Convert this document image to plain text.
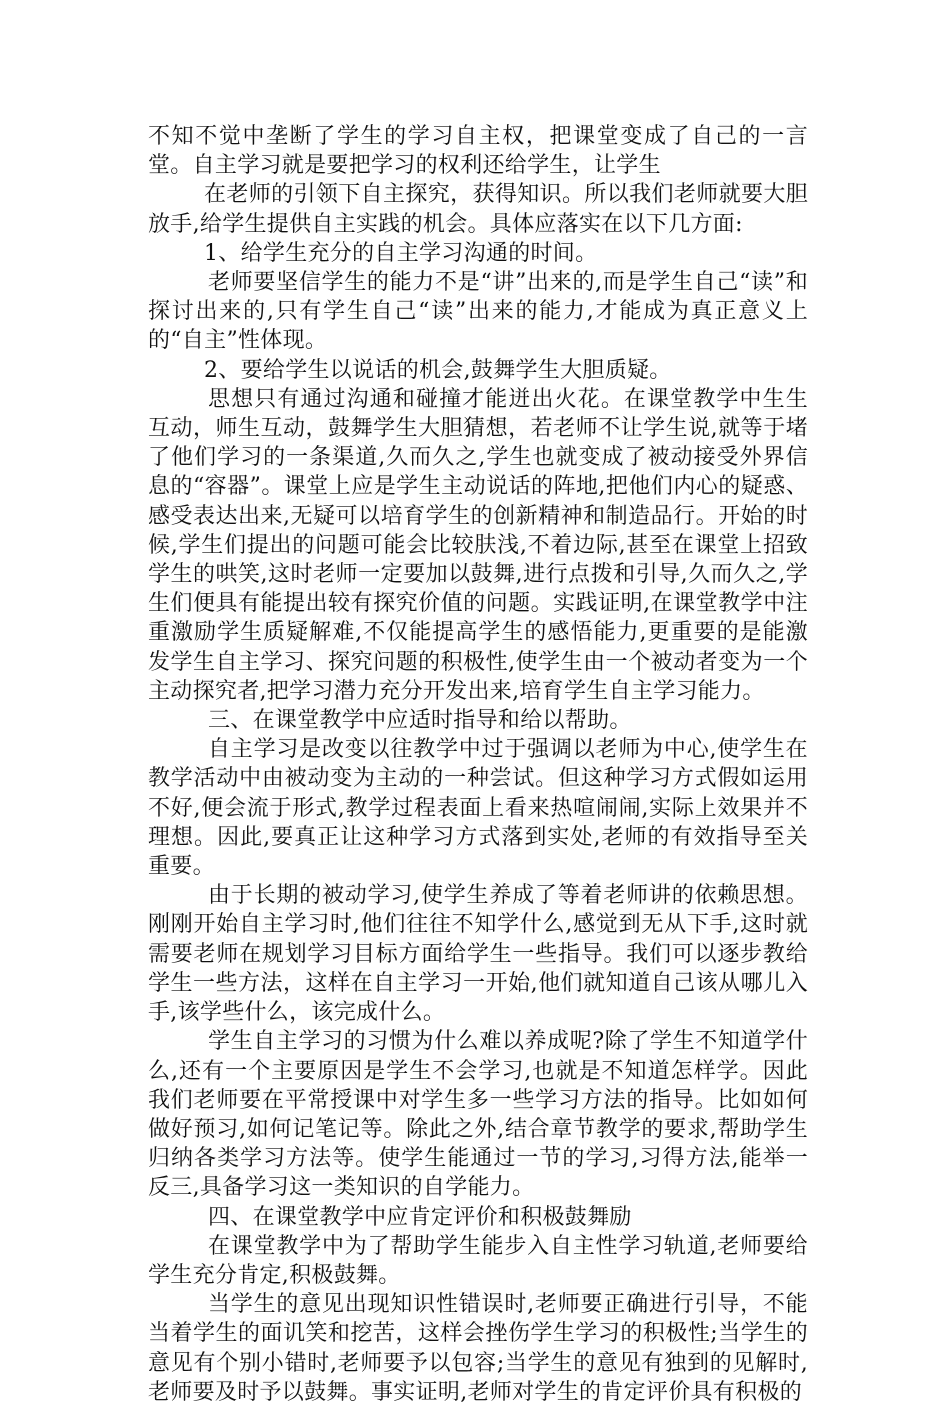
不知不觉中垄断了学生的学习自主权，把课堂变成了自己的一言堂。自主学习就是要把学习的权利还给学生，让学生

在老师的引领下自主探究，获得知识。所以我们老师就要大胆放手,给学生提供自主实践的机会。具体应落实在以下几方面:

1、给学生充分的自主学习沟通的时间。

老师要坚信学生的能力不是“讲”出来的,而是学生自己“读”和探讨出来的,只有学生自己“读”出来的能力,才能成为真正意义上的“自主”性体现。

2、要给学生以说话的机会,鼓舞学生大胆质疑。

思想只有通过沟通和碰撞才能迸出火花。在课堂教学中生生互动，师生互动，鼓舞学生大胆猜想，若老师不让学生说,就等于堵了他们学习的一条渠道,久而久之,学生也就变成了被动接受外界信息的“容器”。课堂上应是学生主动说话的阵地,把他们内心的疑惑、感受表达出来,无疑可以培育学生的创新精神和制造品行。开始的时候,学生们提出的问题可能会比较肤浅,不着边际,甚至在课堂上招致学生的哄笑,这时老师一定要加以鼓舞,进行点拨和引导,久而久之,学生们便具有能提出较有探究价值的问题。实践证明,在课堂教学中注重激励学生质疑解难,不仅能提高学生的感悟能力,更重要的是能激发学生自主学习、探究问题的积极性,使学生由一个被动者变为一个主动探究者,把学习潜力充分开发出来,培育学生自主学习能力。

三、在课堂教学中应适时指导和给以帮助。

自主学习是改变以往教学中过于强调以老师为中心,使学生在教学活动中由被动变为主动的一种尝试。但这种学习方式假如运用不好,便会流于形式,教学过程表面上看来热喧闹闹,实际上效果并不理想。因此,要真正让这种学习方式落到实处,老师的有效指导至关重要。

由于长期的被动学习,使学生养成了等着老师讲的依赖思想。刚刚开始自主学习时,他们往往不知学什么,感觉到无从下手,这时就需要老师在规划学习目标方面给学生一些指导。我们可以逐步教给学生一些方法，这样在自主学习一开始,他们就知道自己该从哪儿入手,该学些什么，该完成什么。

学生自主学习的习惯为什么难以养成呢?除了学生不知道学什么,还有一个主要原因是学生不会学习,也就是不知道怎样学。因此我们老师要在平常授课中对学生多一些学习方法的指导。比如如何做好预习,如何记笔记等。除此之外,结合章节教学的要求,帮助学生归纳各类学习方法等。使学生能通过一节的学习,习得方法,能举一反三,具备学习这一类知识的自学能力。

四、在课堂教学中应肯定评价和积极鼓舞励

在课堂教学中为了帮助学生能步入自主性学习轨道,老师要给学生充分肯定,积极鼓舞。

当学生的意见出现知识性错误时,老师要正确进行引导，不能当着学生的面讥笑和挖苦，这样会挫伤学生学习的积极性;当学生的意见有个别小错时,老师要予以包容;当学生的意见有独到的见解时,老师要及时予以鼓舞。事实证明,老师对学生的肯定评价具有积极的
